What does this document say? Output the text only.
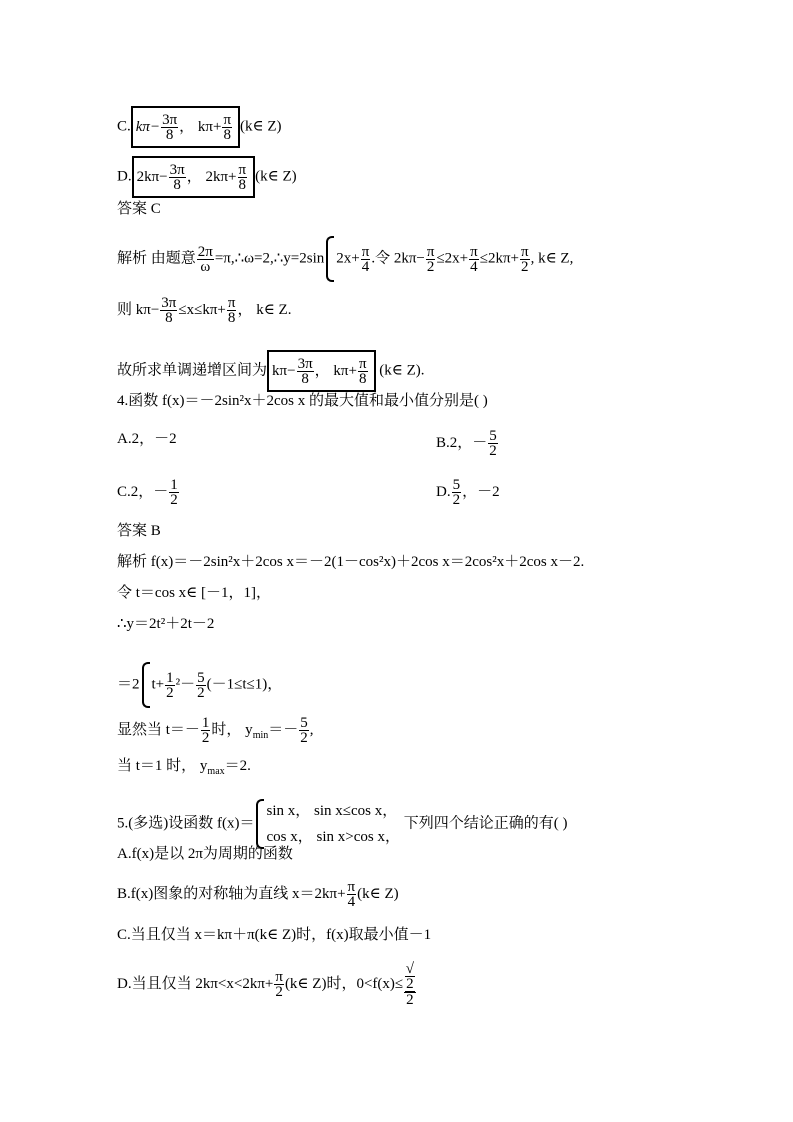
C. $k\pi- \frac{3\pi}{8}$ ， $k\pi+ \frac{\pi}{8}$ (k∈ Z)
D. $2k\pi- \frac{3\pi}{8}$ ， $2k\pi+ \frac{\pi}{8}$ (k∈ Z)
答案 C
解析 由题意 $\frac{2\pi}{\omega}$ =π,∴ω=2,∴y=2sin $2x+ \frac{\pi}{4}$ .令 $2k\pi- \frac{\pi}{2} \le 2x+ \frac{\pi}{4} \le 2k\pi+ \frac{\pi}{2}$ , k∈ Z,
则 $k\pi- \frac{3\pi}{8} \le x\le k\pi+ \frac{\pi}{8}$ ， k∈ Z.
故所求单调递增区间为 $k\pi- \frac{3\pi}{8}$ ， $k\pi+ \frac{\pi}{8}$ (k∈ Z).
4.函数 f(x)＝－2sin²x＋2cos x 的最大值和最小值分别是( )
A.2，－2	B.2，－ $\frac{5}{2}$
C.2，－ $\frac{1}{2}$	D. $\frac{5}{2}$ ，－2
答案 B
解析 f(x)＝－2sin²x＋2cos x＝－2(1－cos²x)＋2cos x＝2cos²x＋2cos x－2.
令 t＝cos x∈ [－1，1]，
∴y＝2t²＋2t－2
＝2 $t+ \frac{1}{2} ^2- \frac{5}{2} (-1\le t\le 1)$，
显然当 $t=- \frac{1}{2}$ 时， $y_{min}=- \frac{5}{2}$ ,
当 t＝1 时， $y_{max}=2$.
5.(多选)设函数 f(x)＝
sin x， sin x≤cos x，
cos x， sin x>cos x，
下列四个结论正确的有( )
A.f(x)是以 2π为周期的函数
B.f(x)图象的对称轴为直线 $x=2k\pi+ \frac{\pi}{4}$ (k∈ Z)
C.当且仅当 x＝kπ＋π(k∈ Z)时，f(x)取最小值－1
D.当且仅当 $2k\pi<x<2k\pi+ \frac{\pi}{2}$ (k∈ Z)时，0<f(x)≤ √
2
2
